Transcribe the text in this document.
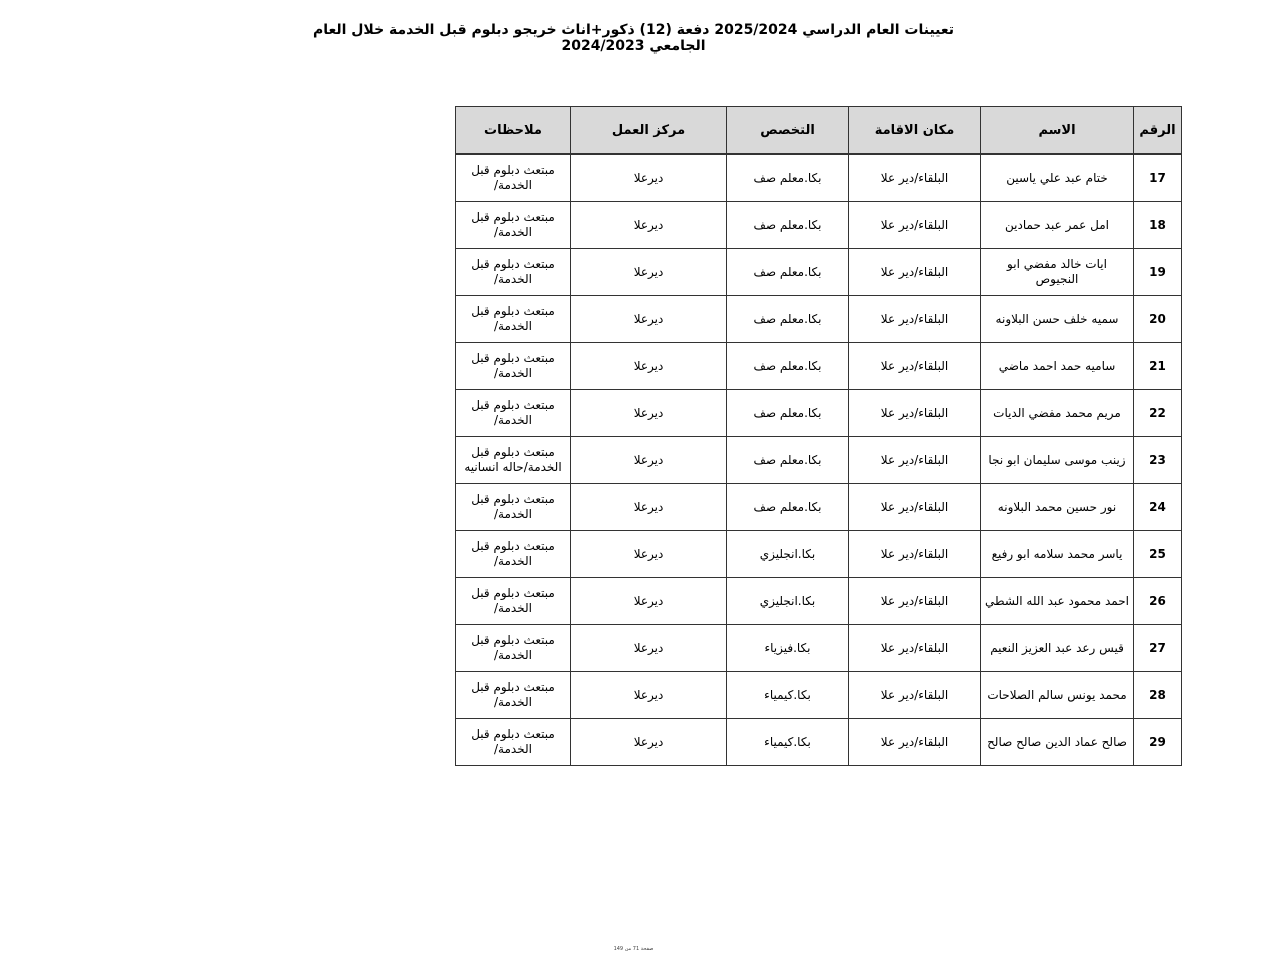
تعيينات العام الدراسي 2025/2024 دفعة (12) ذكور+اناث خريجو دبلوم قبل الخدمة خلال العام الجامعي 2024/2023
الرقم	الاسم	مكان الاقامة	التخصص	مركز العمل	ملاحظات
17	ختام عبد علي ياسين	البلقاء/دير علا	بكا.معلم صف	ديرعلا	مبتعث دبلوم قبل الخدمة/
18	امل عمر عبد حمادين	البلقاء/دير علا	بكا.معلم صف	ديرعلا	مبتعث دبلوم قبل الخدمة/
19	ايات خالد مفضي ابو النجيوص	البلقاء/دير علا	بكا.معلم صف	ديرعلا	مبتعث دبلوم قبل الخدمة/
20	سميه خلف حسن البلاونه	البلقاء/دير علا	بكا.معلم صف	ديرعلا	مبتعث دبلوم قبل الخدمة/
21	ساميه حمد احمد ماضي	البلقاء/دير علا	بكا.معلم صف	ديرعلا	مبتعث دبلوم قبل الخدمة/
22	مريم محمد مفضي الديات	البلقاء/دير علا	بكا.معلم صف	ديرعلا	مبتعث دبلوم قبل الخدمة/
23	زينب موسى سليمان ابو نجا	البلقاء/دير علا	بكا.معلم صف	ديرعلا	مبتعث دبلوم قبل الخدمة/حاله انسانيه
24	نور حسين محمد البلاونه	البلقاء/دير علا	بكا.معلم صف	ديرعلا	مبتعث دبلوم قبل الخدمة/
25	ياسر محمد سلامه ابو رفيع	البلقاء/دير علا	بكا.انجليزي	ديرعلا	مبتعث دبلوم قبل الخدمة/
26	احمد محمود عبد الله الشطي	البلقاء/دير علا	بكا.انجليزي	ديرعلا	مبتعث دبلوم قبل الخدمة/
27	قيس رعد عبد العزيز النعيم	البلقاء/دير علا	بكا.فيزياء	ديرعلا	مبتعث دبلوم قبل الخدمة/
28	محمد يونس سالم الصلاحات	البلقاء/دير علا	بكا.كيمياء	ديرعلا	مبتعث دبلوم قبل الخدمة/
29	صالح عماد الدين صالح صالح	البلقاء/دير علا	بكا.كيمياء	ديرعلا	مبتعث دبلوم قبل الخدمة/
صفحة 71 من 149
